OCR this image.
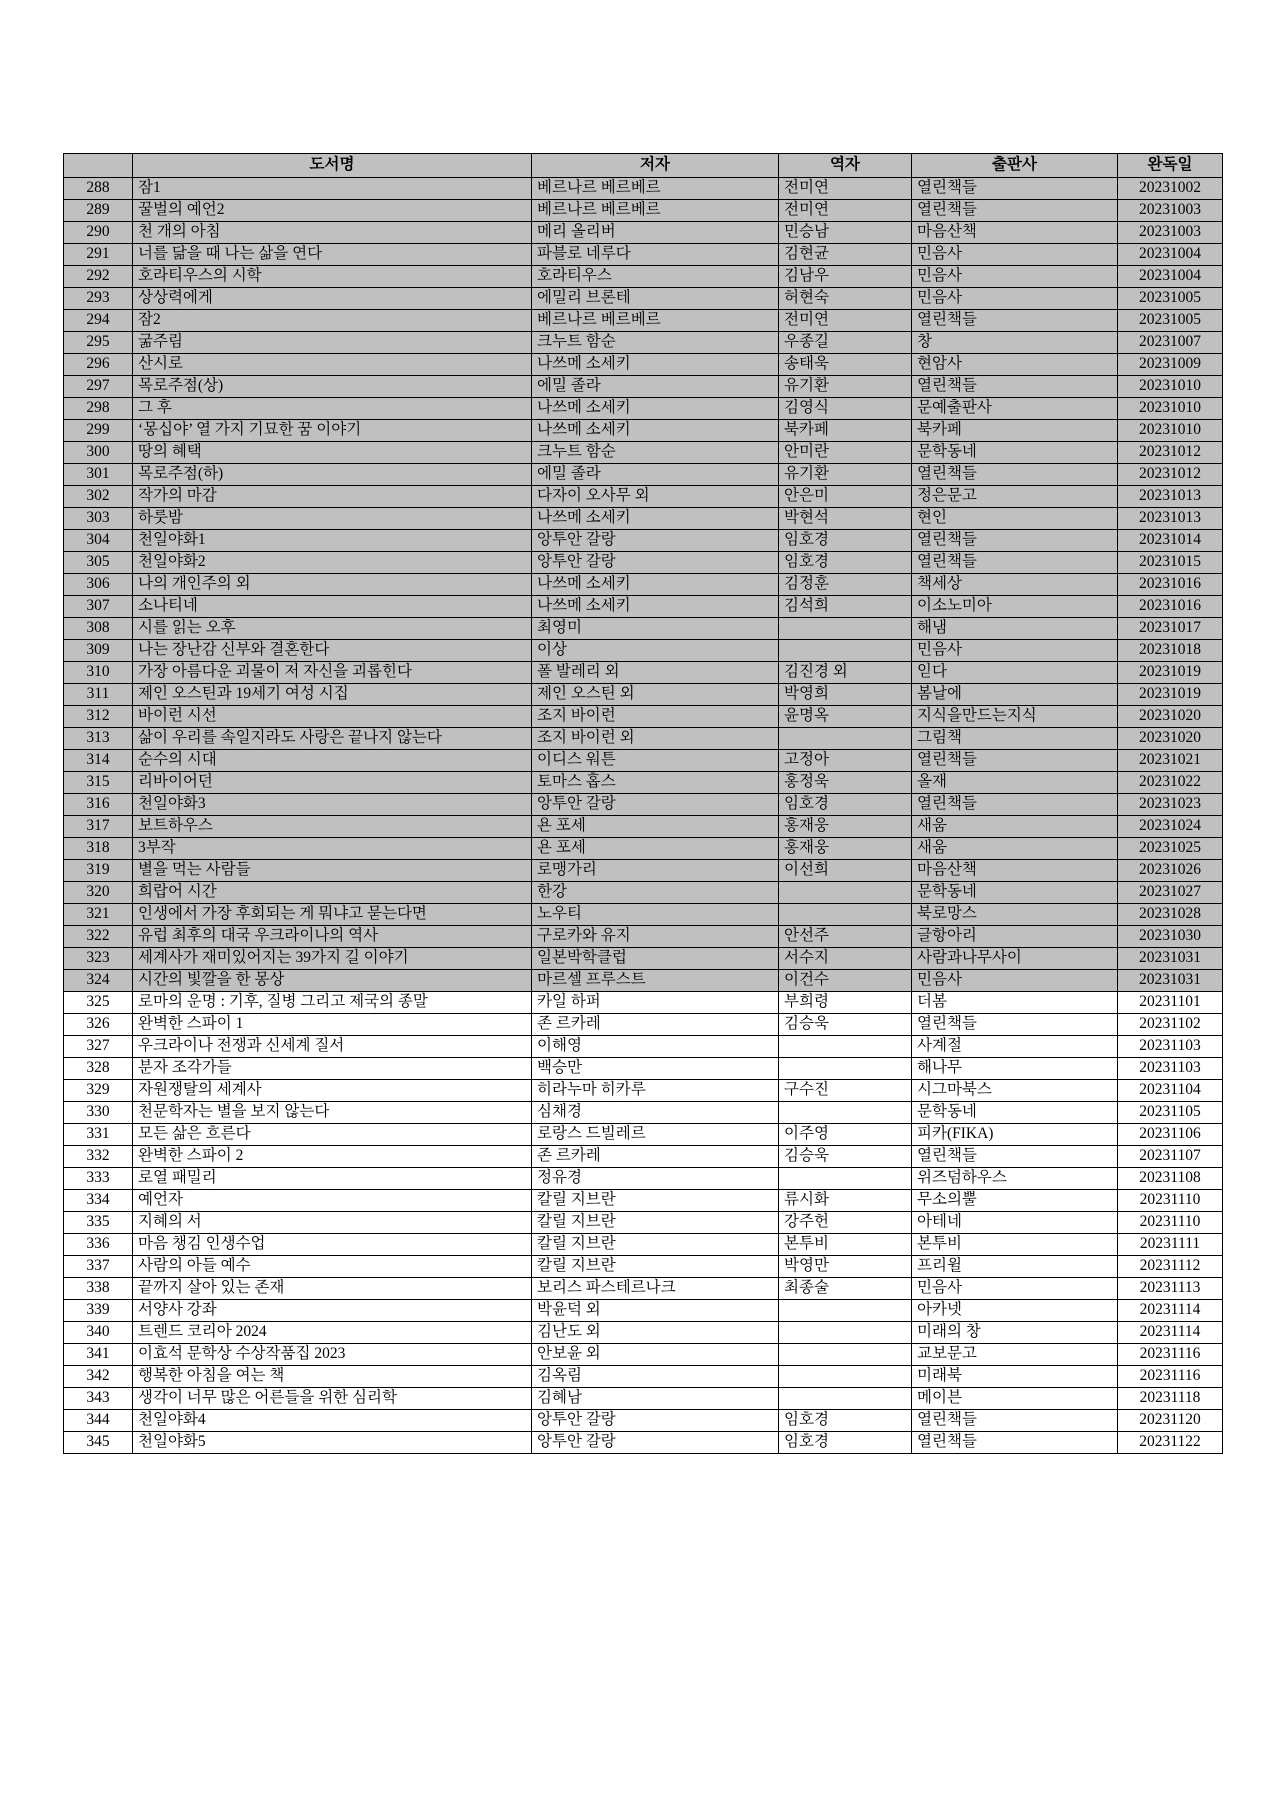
	도서명	저자	역자	출판사	완독일
288	잠1	베르나르 베르베르	전미연	열린책들	20231002
289	꿀벌의 예언2	베르나르 베르베르	전미연	열린책들	20231003
290	천 개의 아침	메리 올리버	민승남	마음산책	20231003
291	너를 닮을 때 나는 삶을 연다	파블로 네루다	김현균	민음사	20231004
292	호라티우스의 시학	호라티우스	김남우	민음사	20231004
293	상상력에게	에밀리 브론테	허현숙	민음사	20231005
294	잠2	베르나르 베르베르	전미연	열린책들	20231005
295	굶주림	크누트 함순	우종길	창	20231007
296	산시로	나쓰메 소세키	송태욱	현암사	20231009
297	목로주점(상)	에밀 졸라	유기환	열린책들	20231010
298	그 후	나쓰메 소세키	김영식	문예출판사	20231010
299	‘몽십야’ 열 가지 기묘한 꿈 이야기	나쓰메 소세키	북카페	북카페	20231010
300	땅의 혜택	크누트 함순	안미란	문학동네	20231012
301	목로주점(하)	에밀 졸라	유기환	열린책들	20231012
302	작가의 마감	다자이 오사무 외	안은미	정은문고	20231013
303	하룻밤	나쓰메 소세키	박현석	현인	20231013
304	천일야화1	앙투안 갈랑	임호경	열린책들	20231014
305	천일야화2	앙투안 갈랑	임호경	열린책들	20231015
306	나의 개인주의 외	나쓰메 소세키	김정훈	책세상	20231016
307	소나티네	나쓰메 소세키	김석희	이소노미아	20231016
308	시를 읽는 오후	최영미		해냄	20231017
309	나는 장난감 신부와 결혼한다	이상		민음사	20231018
310	가장 아름다운 괴물이 저 자신을 괴롭힌다	폴 발레리 외	김진경 외	읻다	20231019
311	제인 오스틴과 19세기 여성 시집	제인 오스틴 외	박영희	봄날에	20231019
312	바이런 시선	조지 바이런	윤명옥	지식을만드는지식	20231020
313	삶이 우리를 속일지라도 사랑은 끝나지 않는다	조지 바이런 외		그림책	20231020
314	순수의 시대	이디스 워튼	고정아	열린책들	20231021
315	리바이어던	토마스 홉스	홍정욱	올재	20231022
316	천일야화3	앙투안 갈랑	임호경	열린책들	20231023
317	보트하우스	욘 포세	홍재웅	새움	20231024
318	3부작	욘 포세	홍재웅	새움	20231025
319	별을 먹는 사람들	로맹가리	이선희	마음산책	20231026
320	희랍어 시간	한강		문학동네	20231027
321	인생에서 가장 후회되는 게 뭐냐고 묻는다면	노우티		북로망스	20231028
322	유럽 최후의 대국 우크라이나의 역사	구로카와 유지	안선주	글항아리	20231030
323	세계사가 재미있어지는 39가지 길 이야기	일본박학클럽	서수지	사람과나무사이	20231031
324	시간의 빛깔을 한 몽상	마르셀 프루스트	이건수	민음사	20231031
325	로마의 운명 : 기후, 질병 그리고 제국의 종말	카일 하퍼	부희령	더봄	20231101
326	완벽한 스파이 1	존 르카레	김승욱	열린책들	20231102
327	우크라이나 전쟁과 신세계 질서	이해영		사계절	20231103
328	분자 조각가들	백승만		해나무	20231103
329	자원쟁탈의 세계사	히라누마 히카루	구수진	시그마북스	20231104
330	천문학자는 별을 보지 않는다	심채경		문학동네	20231105
331	모든 삶은 흐른다	로랑스 드빌레르	이주영	피카(FIKA)	20231106
332	완벽한 스파이 2	존 르카레	김승욱	열린책들	20231107
333	로열 패밀리	정유경		위즈덤하우스	20231108
334	예언자	칼릴 지브란	류시화	무소의뿔	20231110
335	지혜의 서	칼릴 지브란	강주헌	아테네	20231110
336	마음 챙김 인생수업	칼릴 지브란	본투비	본투비	20231111
337	사람의 아들 예수	칼릴 지브란	박영만	프리윌	20231112
338	끝까지 살아 있는 존재	보리스 파스테르나크	최종술	민음사	20231113
339	서양사 강좌	박윤덕 외		아카넷	20231114
340	트렌드 코리아 2024	김난도 외		미래의 창	20231114
341	이효석 문학상 수상작품집 2023	안보윤 외		교보문고	20231116
342	행복한 아침을 여는 책	김옥림		미래북	20231116
343	생각이 너무 많은 어른들을 위한 심리학	김혜남		메이븐	20231118
344	천일야화4	앙투안 갈랑	임호경	열린책들	20231120
345	천일야화5	앙투안 갈랑	임호경	열린책들	20231122
